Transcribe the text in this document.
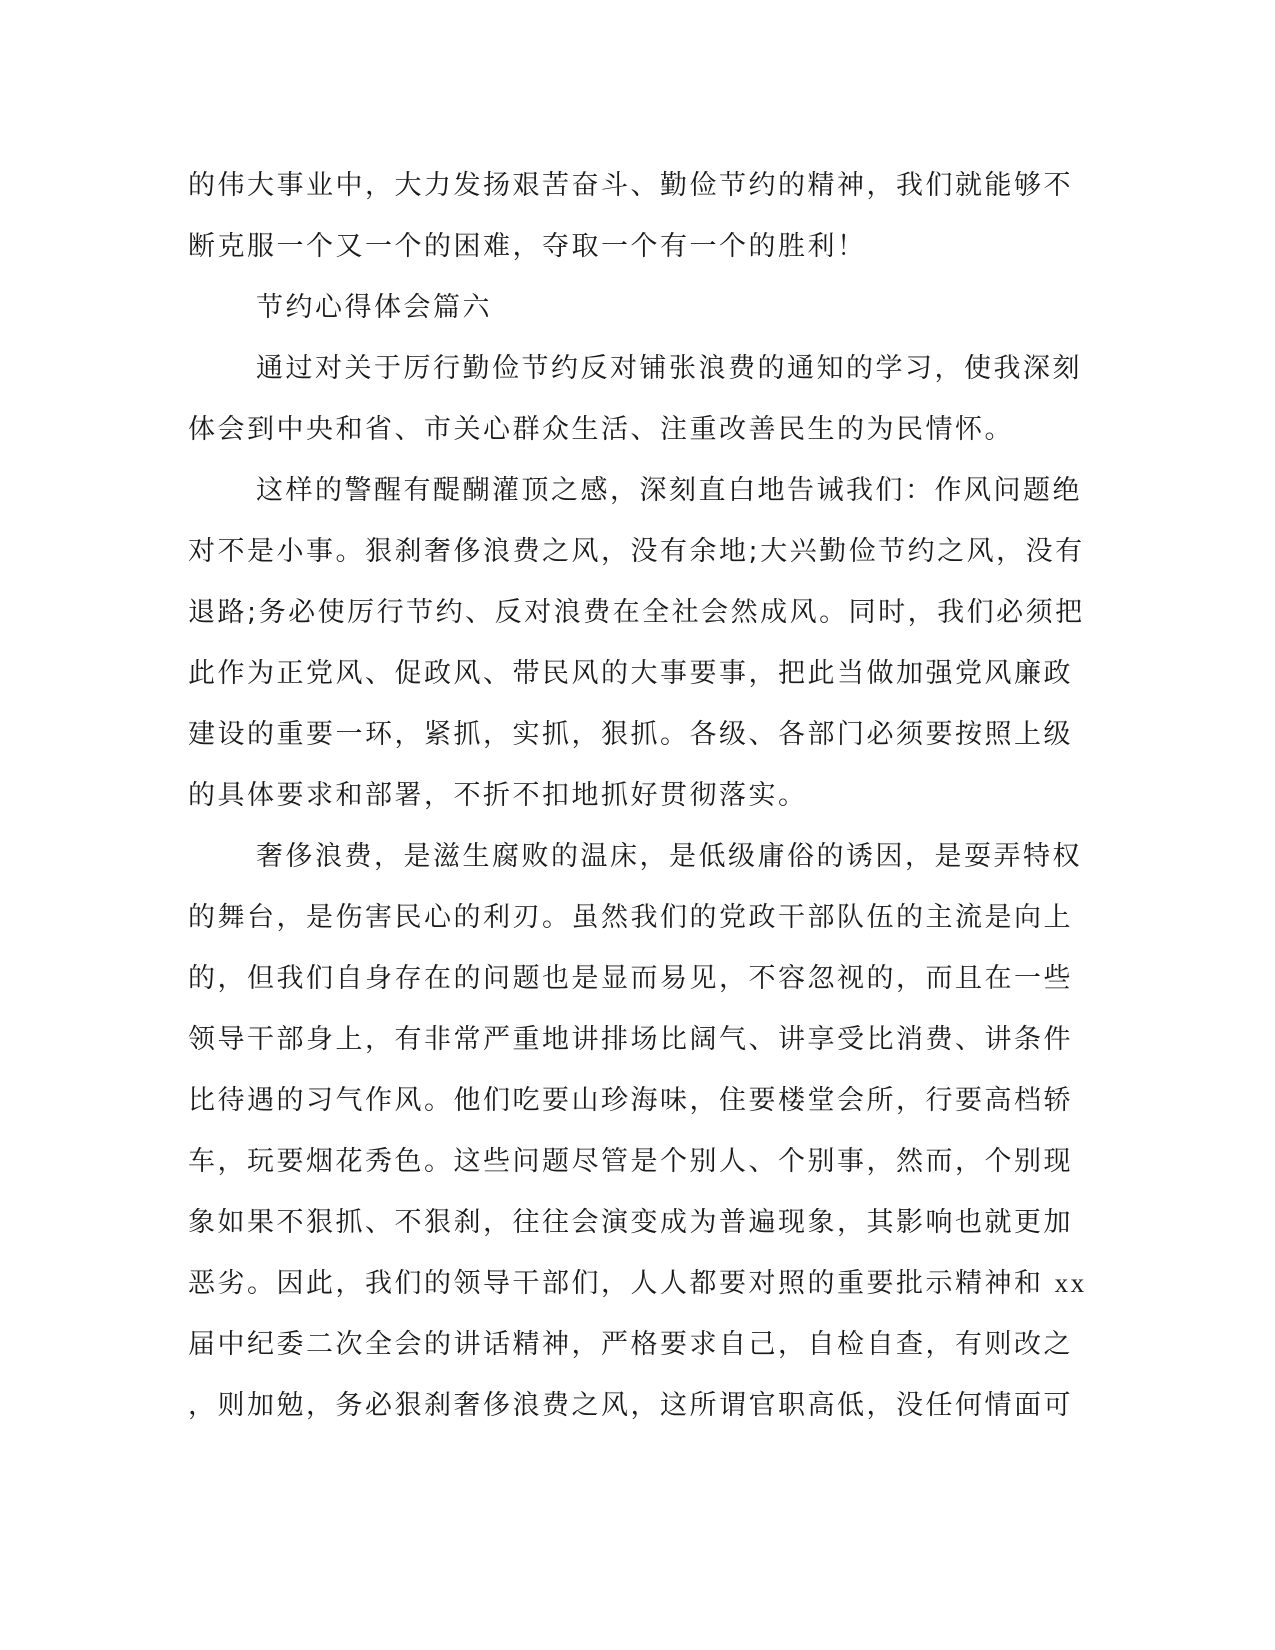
的伟大事业中，大力发扬艰苦奋斗、勤俭节约的精神，我们就能够不
断克服一个又一个的困难，夺取一个有一个的胜利！
节约心得体会篇六
通过对关于厉行勤俭节约反对铺张浪费的通知的学习，使我深刻
体会到中央和省、市关心群众生活、注重改善民生的为民情怀。
这样的警醒有醍醐灌顶之感，深刻直白地告诫我们：作风问题绝
对不是小事。狠刹奢侈浪费之风，没有余地;大兴勤俭节约之风，没有
退路;务必使厉行节约、反对浪费在全社会然成风。同时，我们必须把
此作为正党风、促政风、带民风的大事要事，把此当做加强党风廉政
建设的重要一环，紧抓，实抓，狠抓。各级、各部门必须要按照上级
的具体要求和部署，不折不扣地抓好贯彻落实。
奢侈浪费，是滋生腐败的温床，是低级庸俗的诱因，是耍弄特权
的舞台，是伤害民心的利刃。虽然我们的党政干部队伍的主流是向上
的，但我们自身存在的问题也是显而易见，不容忽视的，而且在一些
领导干部身上，有非常严重地讲排场比阔气、讲享受比消费、讲条件
比待遇的习气作风。他们吃要山珍海味，住要楼堂会所，行要高档轿
车，玩要烟花秀色。这些问题尽管是个别人、个别事，然而，个别现
象如果不狠抓、不狠刹，往往会演变成为普遍现象，其影响也就更加
恶劣。因此，我们的领导干部们，人人都要对照的重要批示精神和 xx
届中纪委二次全会的讲话精神，严格要求自己，自检自查，有则改之
，则加勉，务必狠刹奢侈浪费之风，这所谓官职高低，没任何情面可
